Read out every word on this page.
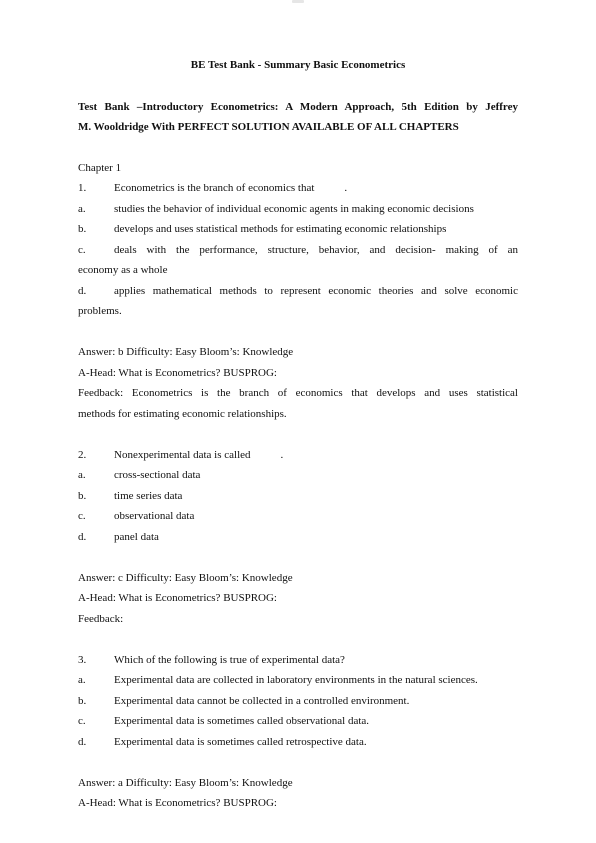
BE Test Bank - Summary Basic Econometrics
Test Bank –Introductory Econometrics: A Modern Approach, 5th Edition by Jeffrey
M. Wooldridge With PERFECT SOLUTION AVAILABLE OF ALL CHAPTERS
Chapter 1
1.	Econometrics is the branch of economics that	.
a.	studies the behavior of individual economic agents in making economic decisions
b.	develops and uses statistical methods for estimating economic relationships
c.	deals with the performance, structure, behavior, and decision- making of an
economy as a whole
d.	applies mathematical methods to represent economic theories and solve economic
problems.
Answer: b Difficulty: Easy Bloom’s: Knowledge
A-Head: What is Econometrics? BUSPROG:
Feedback: Econometrics is the branch of economics that develops and uses statistical
methods for estimating economic relationships.
2.	Nonexperimental data is called	.
a.	cross-sectional data
b.	time series data
c.	observational data
d.	panel data
Answer: c Difficulty: Easy Bloom’s: Knowledge
A-Head: What is Econometrics? BUSPROG:
Feedback:
3.	Which of the following is true of experimental data?
a.	Experimental data are collected in laboratory environments in the natural sciences.
b.	Experimental data cannot be collected in a controlled environment.
c.	Experimental data is sometimes called observational data.
d.	Experimental data is sometimes called retrospective data.
Answer: a Difficulty: Easy Bloom’s: Knowledge
A-Head: What is Econometrics? BUSPROG:
